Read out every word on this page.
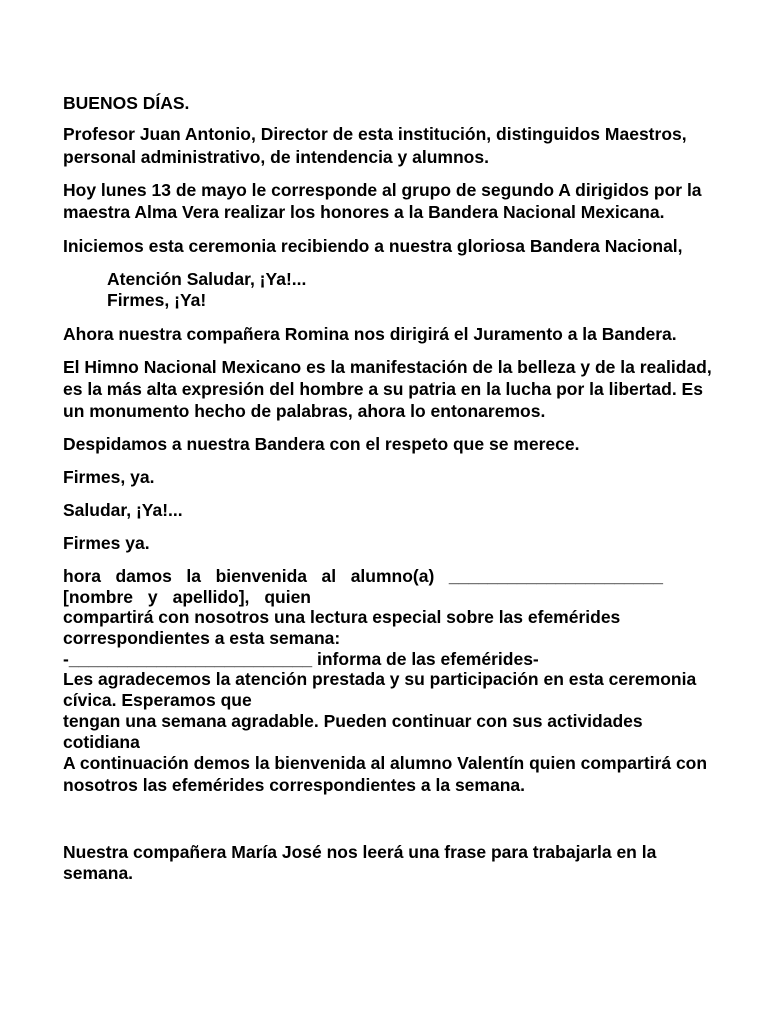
BUENOS DÍAS.
Profesor Juan Antonio, Director de esta institución, distinguidos Maestros,
personal administrativo, de intendencia y alumnos.
Hoy lunes 13 de mayo le corresponde al grupo de segundo A dirigidos por la
maestra Alma Vera realizar los honores a la Bandera Nacional Mexicana.
Iniciemos esta ceremonia recibiendo a nuestra gloriosa Bandera Nacional,
Atención Saludar, ¡Ya!...
Firmes, ¡Ya!
Ahora nuestra compañera Romina nos dirigirá el Juramento a la Bandera.
El Himno Nacional Mexicano es la manifestación de la belleza y de la realidad,
es la más alta expresión del hombre a su patria en la lucha por la libertad. Es
un monumento hecho de palabras, ahora lo entonaremos.
Despidamos a nuestra Bandera con el respeto que se merece.
Firmes, ya.
Saludar, ¡Ya!...
Firmes ya.
hora damos la bienvenida al alumno(a) ______________________
[nombre y apellido], quien
compartirá con nosotros una lectura especial sobre las efemérides
correspondientes a esta semana:
-_________________________ informa de las efemérides-
Les agradecemos la atención prestada y su participación en esta ceremonia
cívica. Esperamos que
tengan una semana agradable. Pueden continuar con sus actividades
cotidiana
A continuación demos la bienvenida al alumno Valentín quien compartirá con
nosotros las efemérides correspondientes a la semana.
Nuestra compañera María José nos leerá una frase para trabajarla en la
semana.
